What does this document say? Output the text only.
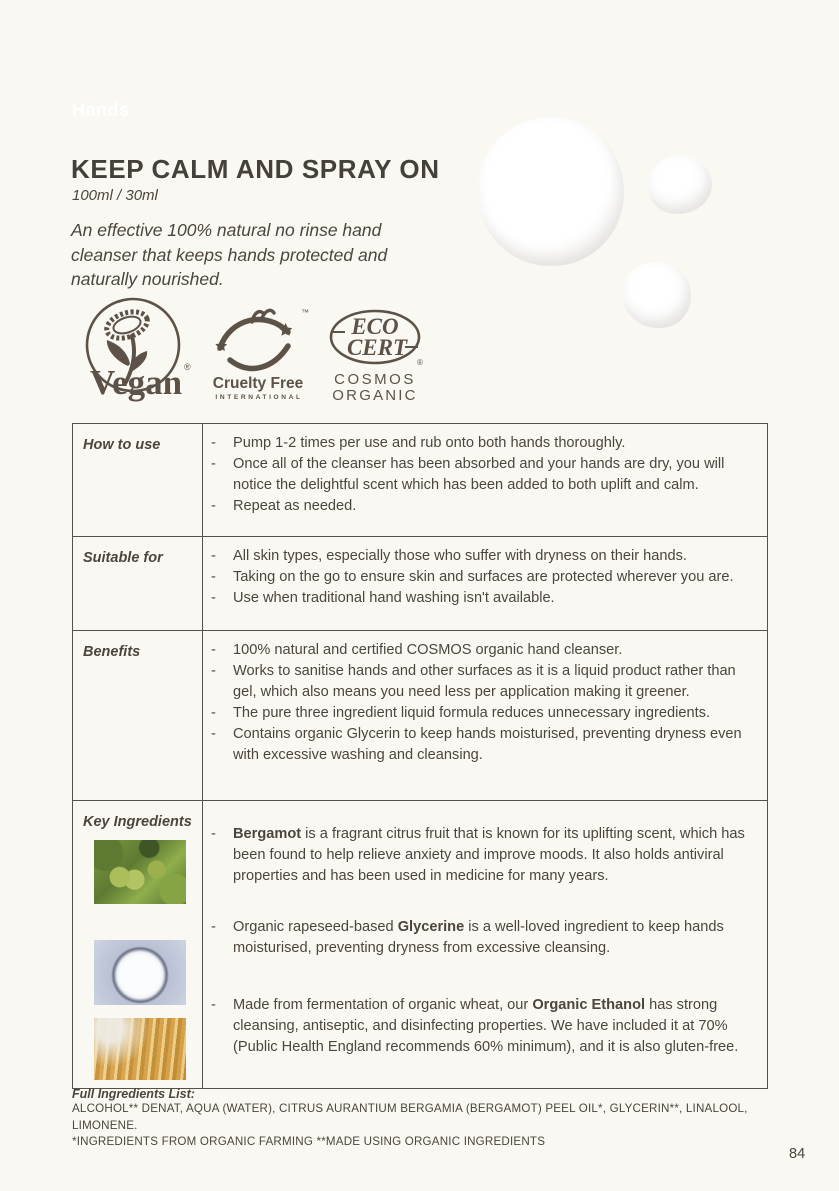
Hands
KEEP CALM AND SPRAY ON
100ml / 30ml
An effective 100% natural no rinse hand cleanser that keeps hands protected and naturally nourished.
Vegan ®
™
Cruelty Free
INTERNATIONAL
ECO
CERT
®
COSMOS
ORGANIC
How to use -	Pump 1-2 times per use and rub onto both hands thoroughly.
-
Once all of the cleanser has been absorbed and your hands are dry, you will notice the delightful scent which has been added to both uplift and calm.
-
Repeat as needed.
Suitable for -	All skin types, especially those who suffer with dryness on their hands.
-
Taking on the go to ensure skin and surfaces are protected wherever you are.
-
Use when traditional hand washing isn't available.
Benefits -	100% natural and certified COSMOS organic hand cleanser.
-
Works to sanitise hands and other surfaces as it is a liquid product rather than gel, which also means you need less per application making it greener.
-
The pure three ingredient liquid formula reduces unnecessary ingredients.
-
Contains organic Glycerin to keep hands moisturised, preventing dryness even with excessive washing and cleansing.
Key Ingredients
-
Bergamot is a fragrant citrus fruit that is known for its uplifting scent, which has been found to help relieve anxiety and improve moods. It also holds antiviral properties and has been used in medicine for many years.
-
Organic rapeseed-based Glycerine is a well-loved ingredient to keep hands moisturised, preventing dryness from excessive cleansing.
-
Made from fermentation of organic wheat, our Organic Ethanol has strong cleansing, antiseptic, and disinfecting properties. We have included it at 70% (Public Health England recommends 60% minimum), and it is also gluten-free.
Full Ingredients List:
ALCOHOL** DENAT, AQUA (WATER), CITRUS AURANTIUM BERGAMIA (BERGAMOT) PEEL OIL*, GLYCERIN**, LINALOOL, LIMONENE.
*INGREDIENTS FROM ORGANIC FARMING **MADE USING ORGANIC INGREDIENTS
84
